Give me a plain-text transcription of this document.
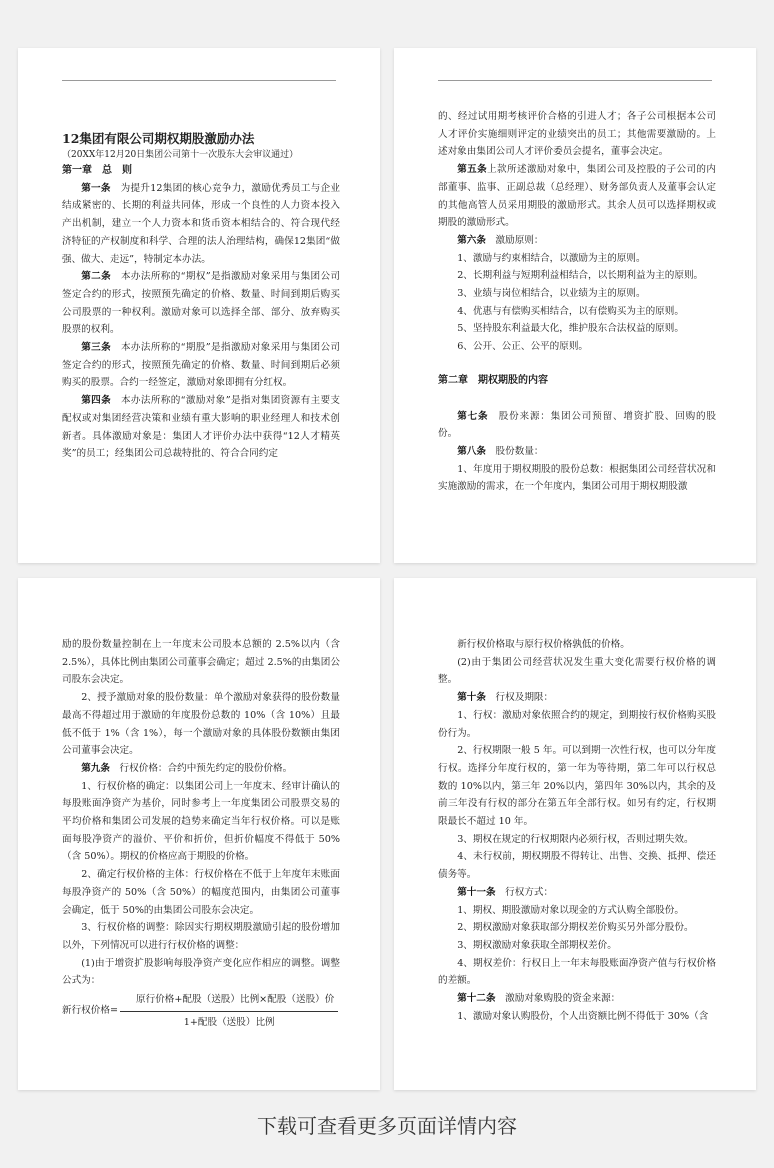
12集团有限公司期权期股激励办法

（20XX年12月20日集团公司第十一次股东大会审议通过）

第一章　总　则

第一条　为提升12集团的核心竞争力，激励优秀员工与企业结成紧密的、长期的利益共同体，形成一个良性的人力资本投入产出机制，建立一个人力资本和货币资本相结合的、符合现代经济特征的产权制度和科学、合理的法人治理结构，确保12集团“做强、做大、走远”，特制定本办法。

第二条　本办法所称的“期权”是指激励对象采用与集团公司签定合约的形式，按照预先确定的价格、数量、时间到期后购买公司股票的一种权利。激励对象可以选择全部、部分、放弃购买股票的权利。

第三条　本办法所称的“期股”是指激励对象采用与集团公司签定合约的形式，按照预先确定的价格、数量、时间到期后必须购买的股票。合约一经签定，激励对象即拥有分红权。

第四条　本办法所称的“激励对象”是指对集团资源有主要支配权或对集团经营决策和业绩有重大影响的职业经理人和技术创新者。具体激励对象是：集团人才评价办法中获得“12人才精英奖”的员工；经集团公司总裁特批的、符合合同约定

的、经过试用期考核评价合格的引进人才；各子公司根据本公司人才评价实施细则评定的业绩突出的员工；其他需要激励的。上述对象由集团公司人才评价委员会提名，董事会决定。

第五条上款所述激励对象中，集团公司及控股的子公司的内部董事、监事、正副总裁（总经理）、财务部负责人及董事会认定的其他高管人员采用期股的激励形式。其余人员可以选择期权或期股的激励形式。

第六条　激励原则：

1、激励与约束相结合，以激励为主的原则。

2、长期利益与短期利益相结合，以长期利益为主的原则。

3、业绩与岗位相结合，以业绩为主的原则。

4、优惠与有偿购买相结合，以有偿购买为主的原则。

5、坚持股东利益最大化，维护股东合法权益的原则。

6、公开、公正、公平的原则。

第二章　期权期股的内容

第七条　股份来源：集团公司预留、增资扩股、回购的股份。

第八条　股份数量：

1、年度用于期权期股的股份总数：根据集团公司经营状况和实施激励的需求，在一个年度内，集团公司用于期权期股激

励的股份数量控制在上一年度末公司股本总额的 2.5%以内（含 2.5%），具体比例由集团公司董事会确定；超过 2.5%的由集团公司股东会决定。

2、授予激励对象的股份数量：单个激励对象获得的股份数量最高不得超过用于激励的年度股份总数的 10%（含 10%）且最低不低于 1%（含 1%），每一个激励对象的具体股份数额由集团公司董事会决定。

第九条　行权价格：合约中预先约定的股份价格。

1、行权价格的确定：以集团公司上一年度末、经审计确认的每股账面净资产为基价，同时参考上一年度集团公司股票交易的平均价格和集团公司发展的趋势来确定当年行权价格。可以是账面每股净资产的溢价、平价和折价，但折价幅度不得低于 50%（含 50%）。期权的价格应高于期股的价格。

2、确定行权价格的主体：行权价格在不低于上年度年末账面每股净资产的 50%（含 50%）的幅度范围内，由集团公司董事会确定，低于 50%的由集团公司股东会决定。

3、行权价格的调整：除因实行期权期股激励引起的股份增加以外，下列情况可以进行行权价格的调整：

(1)由于增资扩股影响每股净资产变化应作相应的调整。调整公式为：

新行权价格= $\frac{\text{原行价格+配股（送股）比例×配股（送股）价}}{\text{1+配股（送股）比例}}$

新行权价格取与原行权价格孰低的价格。

(2)由于集团公司经营状况发生重大变化需要行权价格的调整。

第十条　行权及期限：

1、行权：激励对象依照合约的规定，到期按行权价格购买股份行为。

2、行权期限一般 5 年。可以到期一次性行权，也可以分年度行权。选择分年度行权的，第一年为等待期，第二年可以行权总数的 10%以内，第三年 20%以内，第四年 30%以内，其余的及前三年没有行权的部分在第五年全部行权。如另有约定，行权期限最长不超过 10 年。

3、期权在规定的行权期限内必须行权，否则过期失效。

4、未行权前，期权期股不得转让、出售、交换、抵押、偿还债务等。

第十一条　行权方式：

1、期权、期股激励对象以现金的方式认购全部股份。

2、期权激励对象获取部分期权差价购买另外部分股份。

3、期权激励对象获取全部期权差价。

4、期权差价：行权日上一年末每股账面净资产值与行权价格的差额。

第十二条　激励对象购股的资金来源：

1、激励对象认购股份，个人出资额比例不得低于 30%（含

下载可查看更多页面详情内容
